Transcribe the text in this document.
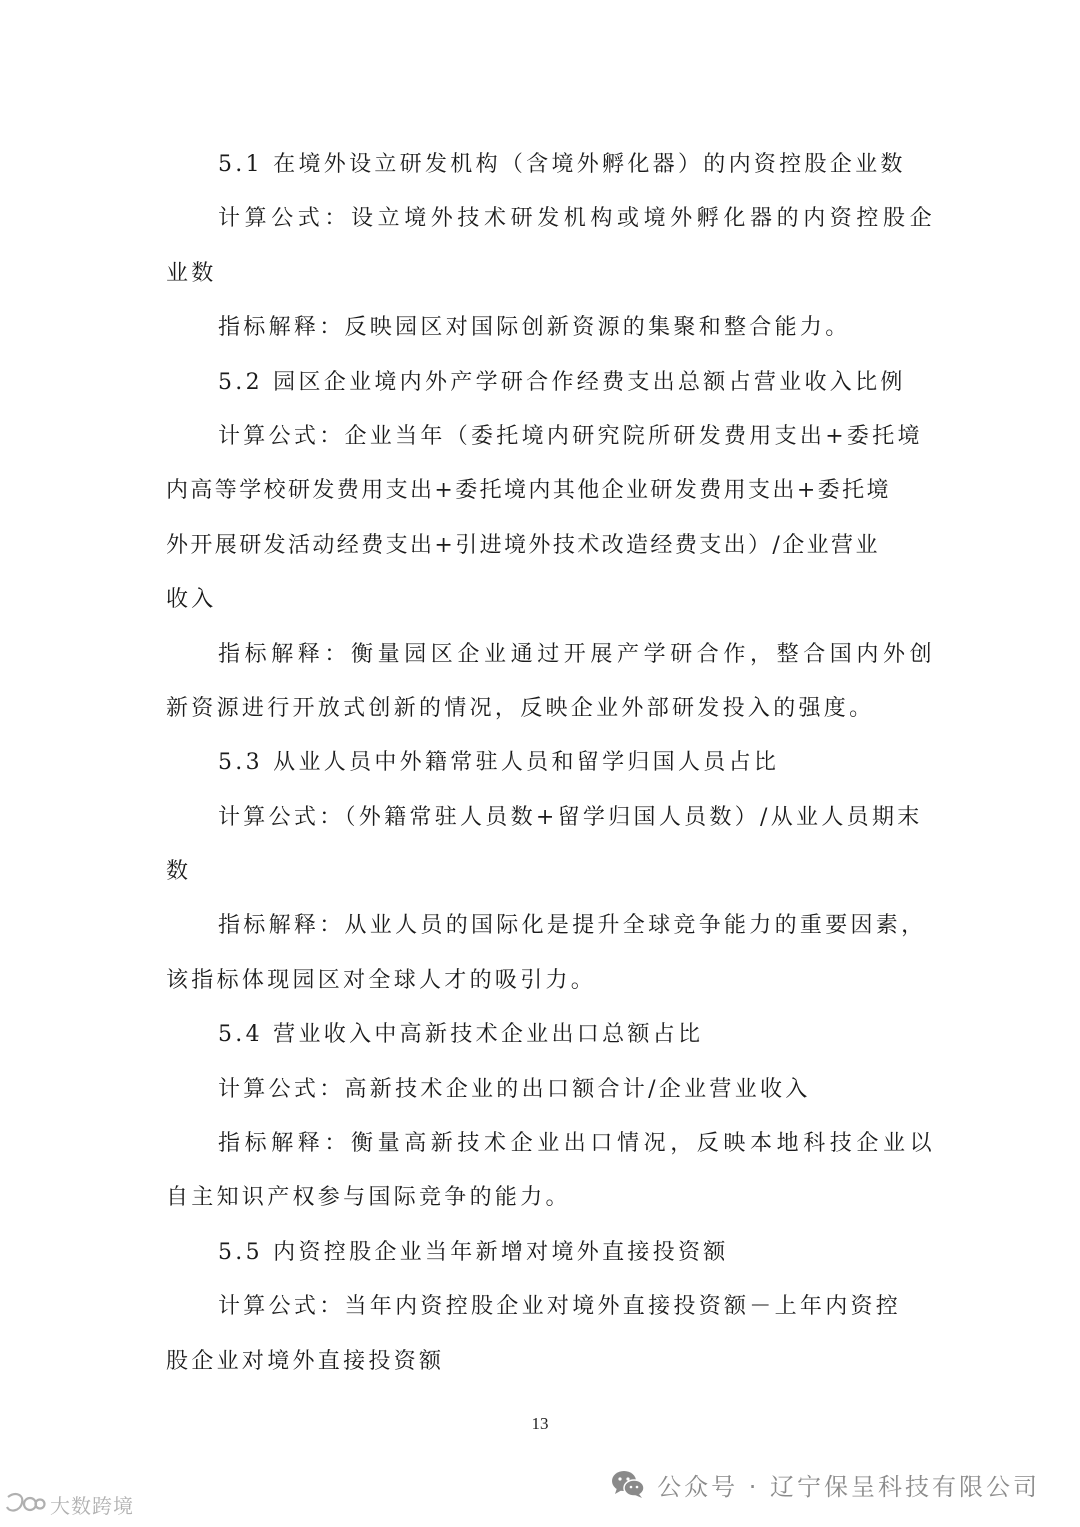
5.1 在境外设立研发机构（含境外孵化器）的内资控股企业数
计算公式：设立境外技术研发机构或境外孵化器的内资控股企
业数
指标解释：反映园区对国际创新资源的集聚和整合能力。
5.2 园区企业境内外产学研合作经费支出总额占营业收入比例
计算公式：企业当年（委托境内研究院所研发费用支出+委托境
内高等学校研发费用支出+委托境内其他企业研发费用支出+委托境
外开展研发活动经费支出+引进境外技术改造经费支出）/企业营业
收入
指标解释：衡量园区企业通过开展产学研合作，整合国内外创
新资源进行开放式创新的情况，反映企业外部研发投入的强度。
5.3 从业人员中外籍常驻人员和留学归国人员占比
计算公式：（外籍常驻人员数+留学归国人员数）/从业人员期末
数
指标解释：从业人员的国际化是提升全球竞争能力的重要因素，
该指标体现园区对全球人才的吸引力。
5.4 营业收入中高新技术企业出口总额占比
计算公式：高新技术企业的出口额合计/企业营业收入
指标解释：衡量高新技术企业出口情况，反映本地科技企业以
自主知识产权参与国际竞争的能力。
5.5 内资控股企业当年新增对境外直接投资额
计算公式：当年内资控股企业对境外直接投资额－上年内资控
股企业对境外直接投资额
13
公众号 · 辽宁保呈科技有限公司
大数跨境
